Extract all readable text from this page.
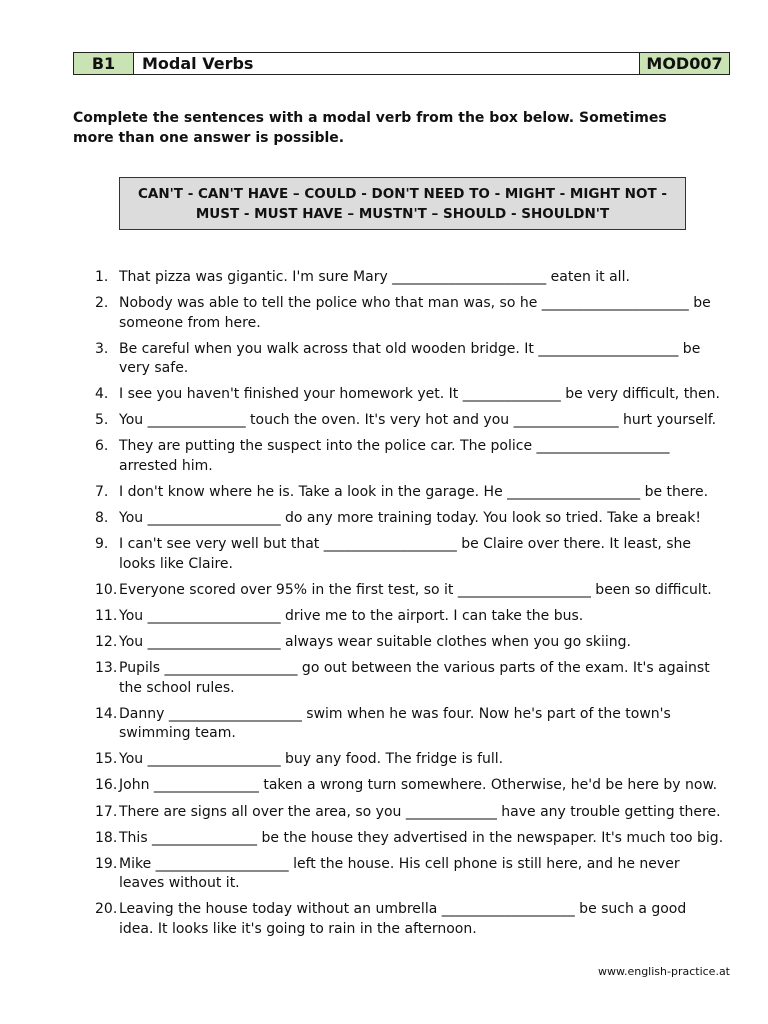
B1	Modal Verbs	MOD007

Complete the sentences with a modal verb from the box below. Sometimes more than one answer is possible.

CAN'T - CAN'T HAVE – COULD - DON'T NEED TO - MIGHT - MIGHT NOT -
MUST - MUST HAVE – MUSTN'T – SHOULD - SHOULDN'T
1. That pizza was gigantic. I'm sure Mary ______________________ eaten it all.
2. Nobody was able to tell the police who that man was, so he _____________________ be someone from here.
3. Be careful when you walk across that old wooden bridge. It ____________________ be very safe.
4. I see you haven't finished your homework yet. It ______________ be very difficult, then.
5. You ______________ touch the oven. It's very hot and you _______________ hurt yourself.
6. They are putting the suspect into the police car. The police ___________________ arrested him.
7. I don't know where he is. Take a look in the garage. He ___________________ be there.
8. You ___________________ do any more training today. You look so tried. Take a break!
9. I can't see very well but that ___________________ be Claire over there. It least, she looks like Claire.
10. Everyone scored over 95% in the first test, so it ___________________ been so difficult.
11. You ___________________ drive me to the airport. I can take the bus.
12. You ___________________ always wear suitable clothes when you go skiing.
13. Pupils ___________________ go out between the various parts of the exam. It's against the school rules.
14. Danny ___________________ swim when he was four. Now he's part of the town's swimming team.
15. You ___________________ buy any food. The fridge is full.
16. John _______________ taken a wrong turn somewhere. Otherwise, he'd be here by now.
17. There are signs all over the area, so you _____________ have any trouble getting there.
18. This _______________ be the house they advertised in the newspaper. It's much too big.
19. Mike ___________________ left the house. His cell phone is still here, and he never leaves without it.
20. Leaving the house today without an umbrella ___________________ be such a good idea. It looks like it's going to rain in the afternoon.
www.english-practice.at
